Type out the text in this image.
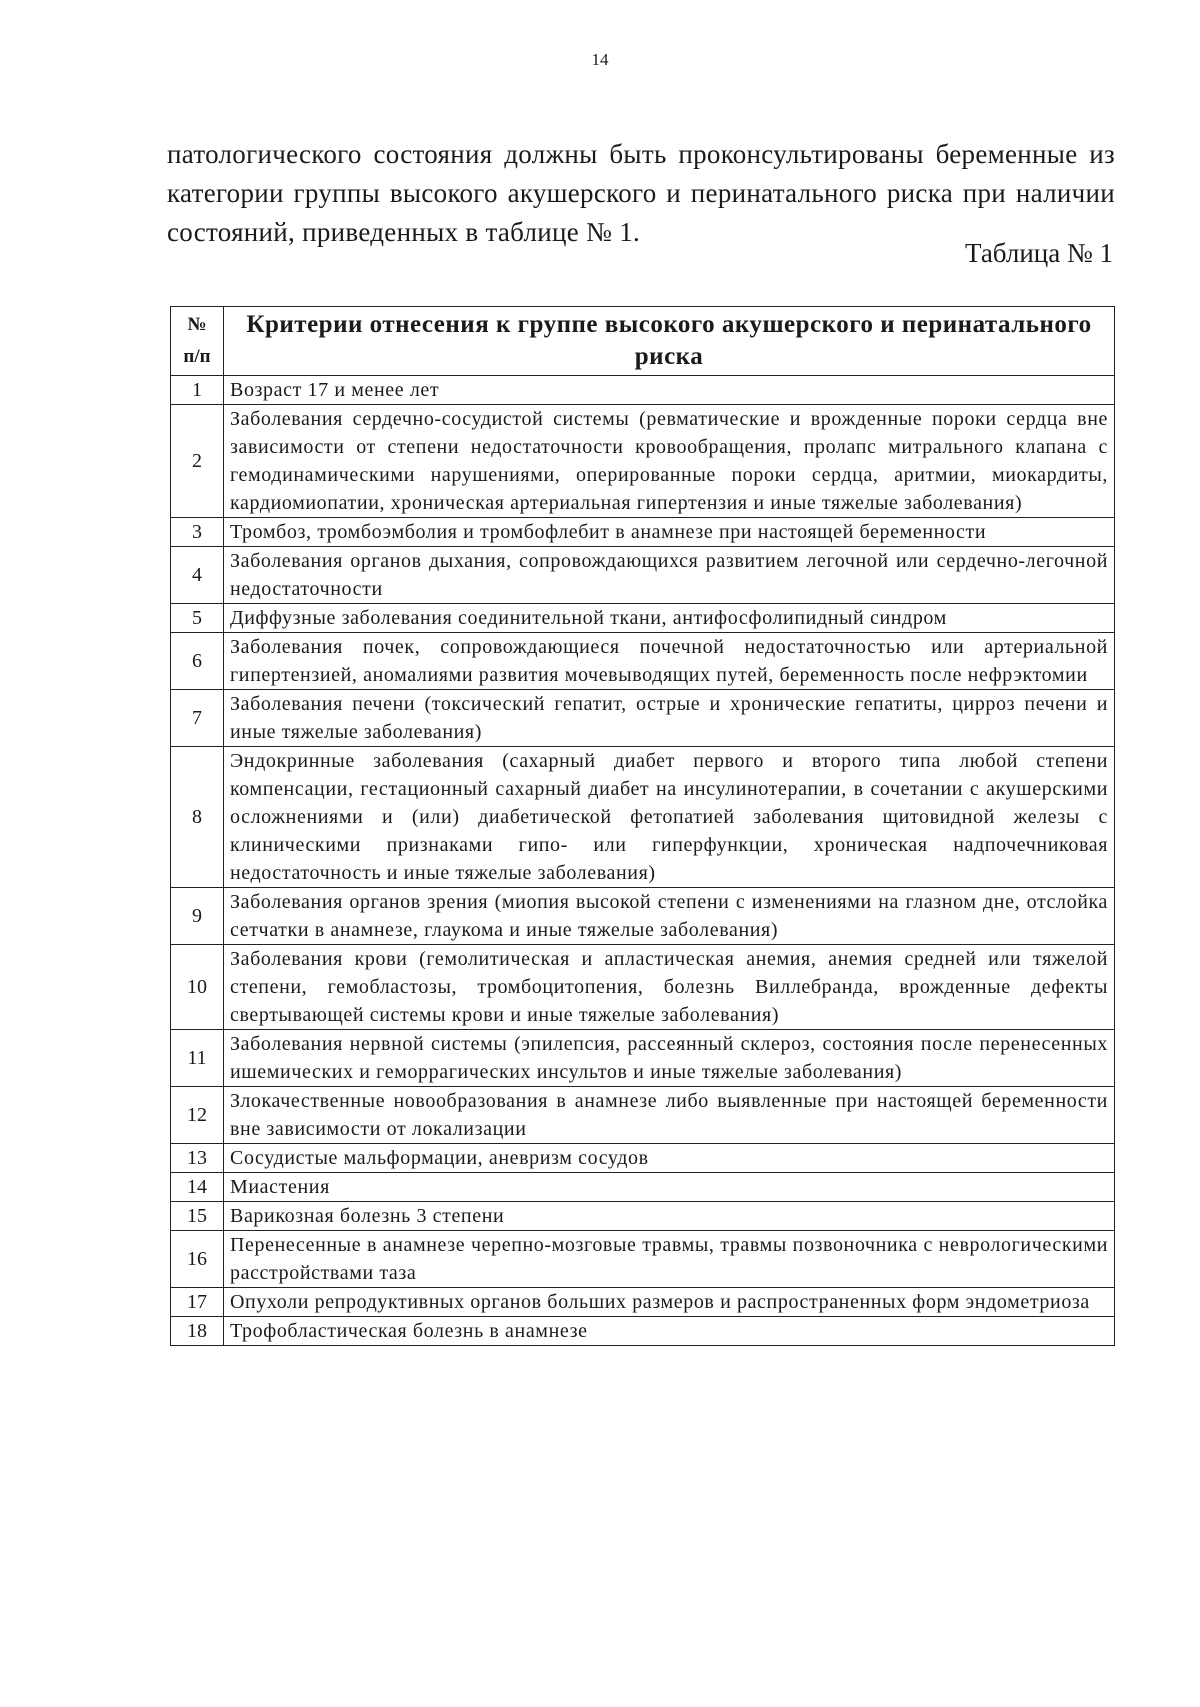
14

патологического состояния должны быть проконсультированы беременные из категории группы высокого акушерского и перинатального риска при наличии состояний, приведенных в таблице № 1.

Таблица № 1
№ п/п	Критерии отнесения к группе высокого акушерского и перинатального риска
1	Возраст 17 и менее лет
2	Заболевания сердечно-сосудистой системы (ревматические и врожденные пороки сердца вне зависимости от степени недостаточности кровообращения, пролапс митрального клапана с гемодинамическими нарушениями, оперированные пороки сердца, аритмии, миокардиты, кардиомиопатии, хроническая артериальная гипертензия и иные тяжелые заболевания)
3	Тромбоз, тромбоэмболия и тромбофлебит в анамнезе при настоящей беременности
4	Заболевания органов дыхания, сопровождающихся развитием легочной или сердечно-легочной недостаточности
5	Диффузные заболевания соединительной ткани, антифосфолипидный синдром
6	Заболевания почек, сопровождающиеся почечной недостаточностью или артериальной гипертензией, аномалиями развития мочевыводящих путей, беременность после нефрэктомии
7	Заболевания печени (токсический гепатит, острые и хронические гепатиты, цирроз печени и иные тяжелые заболевания)
8	Эндокринные заболевания (сахарный диабет первого и второго типа любой степени компенсации, гестационный сахарный диабет на инсулинотерапии, в сочетании с акушерскими осложнениями и (или) диабетической фетопатией заболевания щитовидной железы с клиническими признаками гипо- или гиперфункции, хроническая надпочечниковая недостаточность и иные тяжелые заболевания)
9	Заболевания органов зрения (миопия высокой степени с изменениями на глазном дне, отслойка сетчатки в анамнезе, глаукома и иные тяжелые заболевания)
10	Заболевания крови (гемолитическая и апластическая анемия, анемия средней или тяжелой степени, гемобластозы, тромбоцитопения, болезнь Виллебранда, врожденные дефекты свертывающей системы крови и иные тяжелые заболевания)
11	Заболевания нервной системы (эпилепсия, рассеянный склероз, состояния после перенесенных ишемических и геморрагических инсультов и иные тяжелые заболевания)
12	Злокачественные новообразования в анамнезе либо выявленные при настоящей беременности вне зависимости от локализации
13	Сосудистые мальформации, аневризм сосудов
14	Миастения
15	Варикозная болезнь 3 степени
16	Перенесенные в анамнезе черепно-мозговые травмы, травмы позвоночника с неврологическими расстройствами таза
17	Опухоли репродуктивных органов больших размеров и распространенных форм эндометриоза
18	Трофобластическая болезнь в анамнезе
